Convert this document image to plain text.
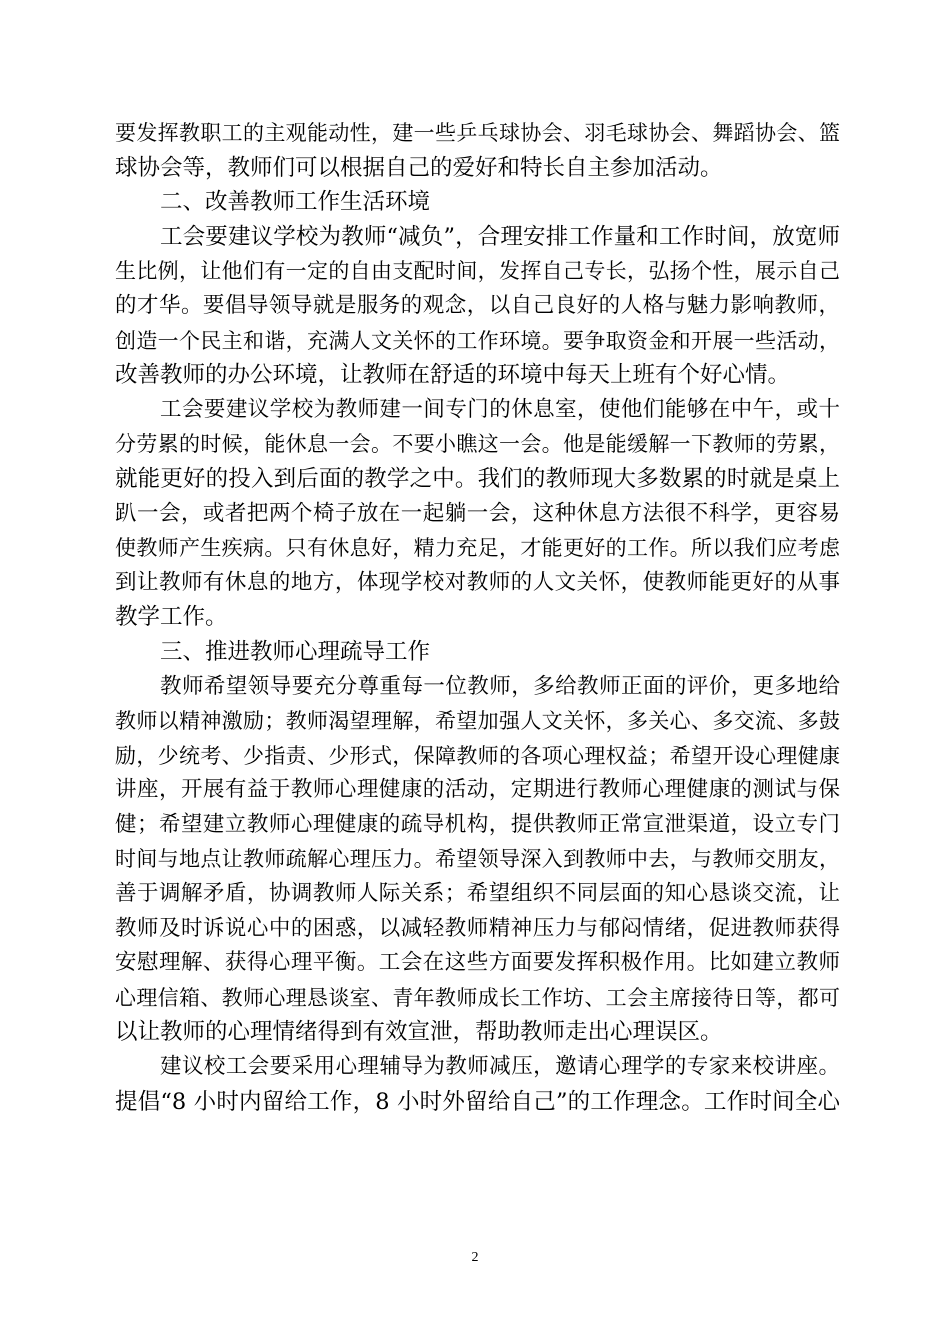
要发挥教职工的主观能动性，建一些乒乓球协会、羽毛球协会、舞蹈协会、篮
球协会等，教师们可以根据自己的爱好和特长自主参加活动。
二、改善教师工作生活环境
工会要建议学校为教师“减负”，合理安排工作量和工作时间，放宽师
生比例，让他们有一定的自由支配时间，发挥自己专长，弘扬个性，展示自己
的才华。要倡导领导就是服务的观念，以自己良好的人格与魅力影响教师，
创造一个民主和谐，充满人文关怀的工作环境。要争取资金和开展一些活动，
改善教师的办公环境，让教师在舒适的环境中每天上班有个好心情。
工会要建议学校为教师建一间专门的休息室，使他们能够在中午，或十
分劳累的时候，能休息一会。不要小瞧这一会。他是能缓解一下教师的劳累，
就能更好的投入到后面的教学之中。我们的教师现大多数累的时就是桌上
趴一会，或者把两个椅子放在一起躺一会，这种休息方法很不科学，更容易
使教师产生疾病。只有休息好，精力充足，才能更好的工作。所以我们应考虑
到让教师有休息的地方，体现学校对教师的人文关怀，使教师能更好的从事
教学工作。
三、推进教师心理疏导工作
教师希望领导要充分尊重每一位教师，多给教师正面的评价，更多地给
教师以精神激励；教师渴望理解，希望加强人文关怀，多关心、多交流、多鼓
励，少统考、少指责、少形式，保障教师的各项心理权益；希望开设心理健康
讲座，开展有益于教师心理健康的活动，定期进行教师心理健康的测试与保
健；希望建立教师心理健康的疏导机构，提供教师正常宣泄渠道，设立专门
时间与地点让教师疏解心理压力。希望领导深入到教师中去，与教师交朋友，
善于调解矛盾，协调教师人际关系；希望组织不同层面的知心恳谈交流，让
教师及时诉说心中的困惑，以减轻教师精神压力与郁闷情绪，促进教师获得
安慰理解、获得心理平衡。工会在这些方面要发挥积极作用。比如建立教师
心理信箱、教师心理恳谈室、青年教师成长工作坊、工会主席接待日等，都可
以让教师的心理情绪得到有效宣泄，帮助教师走出心理误区。
建议校工会要采用心理辅导为教师减压，邀请心理学的专家来校讲座。
提倡“8 小时内留给工作，8 小时外留给自己”的工作理念。工作时间全心
2
